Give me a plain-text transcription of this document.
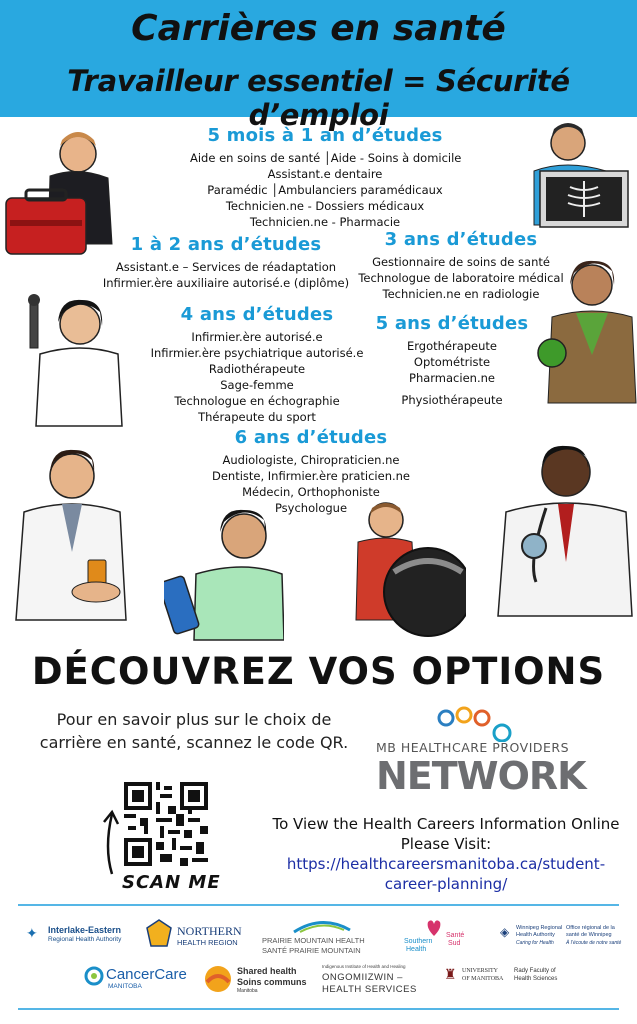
Carrières en santé
Travailleur essentiel = Sécurité d’emploi
5 mois à 1 an d’études
Aide en soins de santé │Aide - Soins à domicile
Assistant.e dentaire
Paramédic │Ambulanciers paramédicaux
Technicien.ne - Dossiers médicaux
Technicien.ne - Pharmacie
1 à 2 ans d’études
Assistant.e – Services de réadaptation
Infirmier.ère auxiliaire autorisé.e (diplôme)
3 ans d’études
Gestionnaire de soins de santé
Technologue de laboratoire médical
Technicien.ne en radiologie
4 ans d’études
Infirmier.ère autorisé.e
Infirmier.ère psychiatrique autorisé.e
Radiothérapeute
Sage-femme
Technologue en échographie
Thérapeute du sport
5 ans d’études
Ergothérapeute
Optométriste
Pharmacien.ne
Physiothérapeute
6 ans d’études
Audiologiste, Chiropraticien.ne
Dentiste, Infirmier.ère praticien.ne
Médecin, Orthophoniste
Psychologue
DÉCOUVREZ VOS OPTIONS
Pour en savoir plus sur le choix de carrière en santé, scannez le code QR.
SCAN ME
MB HEALTHCARE PROVIDERS
NETWORK
To View the Health Careers Information Online Please Visit:
https://healthcareersmanitoba.ca/student-career-planning/
✦ Interlake-Eastern
Regional Health Authority
NORTHERN
HEALTH REGION	PRAIRIE MOUNTAIN HEALTH
SANTÉ PRAIRIE MOUNTAIN
Southern
Santé
Health
Sud
◈ Winnipeg Regional
Health Authority
Caring for Health
Office régional de la
santé de Winnipeg
À l’écoute de notre santé
CancerCare
MANITOBA
Shared health
Soins communs
Manitoba
Indigenous Institute of Health and Healing
ONGOMIIZWIN –
HEALTH SERVICES
♜ UNIVERSITY
OF MANITOBA
Rady Faculty of
Health Sciences
